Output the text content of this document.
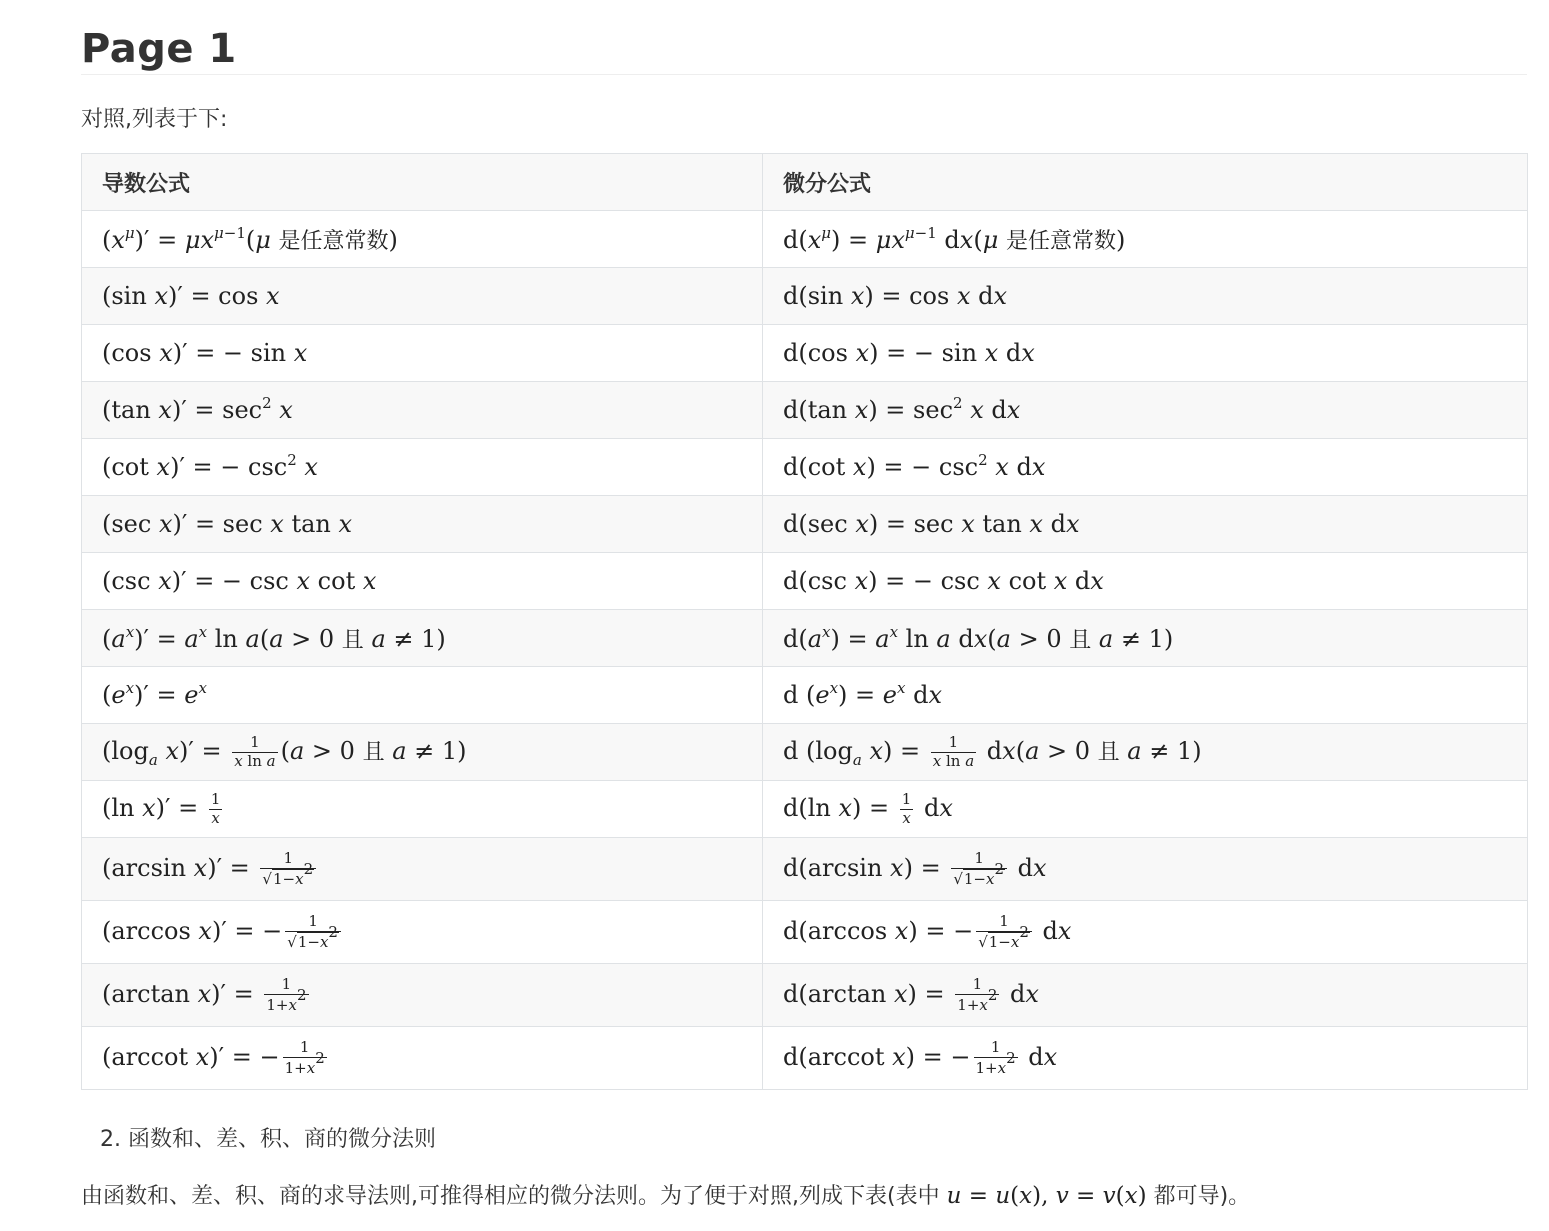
Page 1
对照,列表于下:
导数公式	微分公式
$(x^\mu)' = \mu x^{\mu-1}(\mu$ 是任意常数)	$d(x^\mu) = \mu x^{\mu-1}$ dx(μ 是任意常数)
(sin x)′ = cos x	d(sin x) = cos x dx
(cos x)′ = − sin x	d(cos x) = − sin x dx
(tan $x)' = \sec^2 x$	d(tan $x) = \sec^2 x$ dx
(cot x)′ = − $\csc^2 x$	d(cot x) = − $\csc^2 x$ dx
(sec x)′ = sec x tan x	d(sec x) = sec x tan x dx
(csc x)′ = − csc x cot x	d(csc x) = − csc x cot x dx
$(a^x)' = a^x$ ln a(a > 0 且 a ≠ 1)	$d(a^x) = a^x$ ln a dx(a > 0 且 a ≠ 1)
$(e^x)' = e^x$	d $(e^x) = e^x$ dx
($\log_a$ $x)' = \frac{1}{\text{x ln a}} (a > 0$ 且 a ≠ 1)	d ($\log_a$ $x) = \frac{1}{\text{x ln a}} dx(a > 0$ 且 a ≠ 1)
(ln $x)' = \frac{1}{x}$	d(ln $x) = \frac{1}{x}$ dx
(arcsin $x)' = \frac{1}{√1-x^2}$	d(arcsin $x) = \frac{1}{√1-x^2}$ dx
(arccos x)′ = − $\frac{1}{√1-x^2}$	d(arccos x) = − $\frac{1}{√1-x^2}$ dx
(arctan $x)' = \frac{1}{1+x^2}$	d(arctan $x) = \frac{1}{1+x^2}$ dx
(arccot x)′ = − $\frac{1}{1+x^2}$	d(arccot x) = − $\frac{1}{1+x^2}$ dx
2. 函数和、差、积、商的微分法则
由函数和、差、积、商的求导法则,可推得相应的微分法则。为了便于对照,列成下表(表中 u = u(x), v = v(x) 都可导)。
